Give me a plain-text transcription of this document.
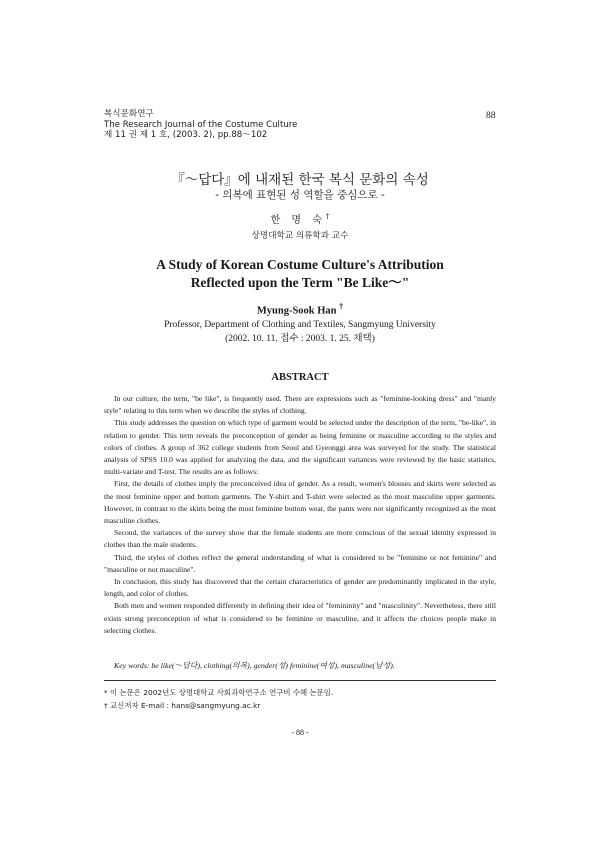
복식문화연구
The Research Journal of the Costume Culture
제 11 권 제 1 호, (2003. 2), pp.88～102
88
『～답다』에 내재된 한국 복식 문화의 속성
- 의복에 표현된 성 역할을 중심으로 -
한 명 숙†
상명대학교 의류학과 교수
A Study of Korean Costume Culture's Attribution
Reflected upon the Term "Be Like～"
Myung-Sook Han †
Professor, Department of Clothing and Textiles, Sangmyung University
(2002. 10. 11. 접수 : 2003. 1. 25. 채택)
ABSTRACT

In our culture, the term, "be like", is frequently used. There are expressions such as "feminine-looking dress" and "manly style" relating to this term when we describe the styles of clothing.

This study addresses the question on which type of garment would be selected under the description of the term, "be-like", in relation to gender. This term reveals the preconception of gender as being feminine or masculine according to the styles and colors of clothes. A group of 362 college students from Seoul and Gyeonggi area was surveyed for the study. The statistical analysis of SPSS 10.0 was applied for analyzing the data, and the significant variances were reviewed by the basic statistics, multi-variate and T-test. The results are as follows:

First, the details of clothes imply the preconceived idea of gender. As a result, women's blouses and skirts were selected as the most feminine upper and bottom garments. The Y-shirt and T-shirt were selected as the most masculine upper garments. However, in contrast to the skirts being the most feminine bottom wear, the pants were not significantly recognized as the most masculine clothes.

Second, the variances of the survey show that the female students are more conscious of the sexual identity expressed in clothes than the male students.

Third, the styles of clothes reflect the general understanding of what is considered to be "feminine or not feminine" and "masculine or not masculine".

In conclusion, this study has discovered that the certain characteristics of gender are predominantly implicated in the style, length, and color of clothes.

Both men and women responded differently in defining their idea of "femininity" and "masculinity". Nevertheless, there still exists strong preconception of what is considered to be feminine or masculine, and it affects the choices people make in selecting clothes.

Key words: be like(～답다), clothing(의복), gender(성) feminine(여성), masculine(남성).
* 이 논문은 2002년도 상명대학교 사회과학연구소 연구비 수혜 논문임.
† 교신저자 E-mail : hans@sangmyung.ac.kr
- 88 -
